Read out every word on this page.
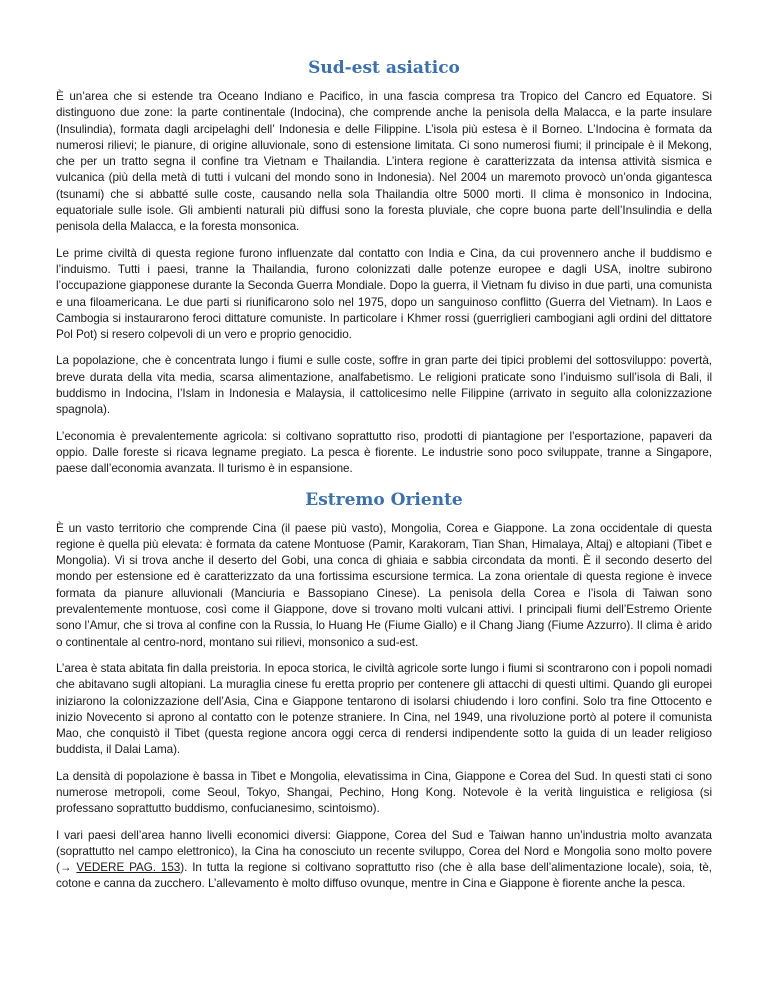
Sud-est asiatico

È un’area che si estende tra Oceano Indiano e Pacifico, in una fascia compresa tra Tropico del Cancro ed Equatore. Si distinguono due zone: la parte continentale (Indocina), che comprende anche la penisola della Malacca, e la parte insulare (Insulindia), formata dagli arcipelaghi dell’ Indonesia e delle Filippine. L’isola più estesa è il Borneo. L’Indocina è formata da numerosi rilievi; le pianure, di origine alluvionale, sono di estensione limitata. Ci sono numerosi fiumi; il principale è il Mekong, che per un tratto segna il confine tra Vietnam e Thailandia. L’intera regione è caratterizzata da intensa attività sismica e vulcanica (più della metà di tutti i vulcani del mondo sono in Indonesia). Nel 2004 un maremoto provocò un’onda gigantesca (tsunami) che si abbatté sulle coste, causando nella sola Thailandia oltre 5000 morti. Il clima è monsonico in Indocina, equatoriale sulle isole. Gli ambienti naturali più diffusi sono la foresta pluviale, che copre buona parte dell’Insulindia e della penisola della Malacca, e la foresta monsonica.

Le prime civiltà di questa regione furono influenzate dal contatto con India e Cina, da cui provennero anche il buddismo e l’induismo. Tutti i paesi, tranne la Thailandia, furono colonizzati dalle potenze europee e dagli USA, inoltre subirono l’occupazione giapponese durante la Seconda Guerra Mondiale. Dopo la guerra, il Vietnam fu diviso in due parti, una comunista e una filoamericana. Le due parti si riunificarono solo nel 1975, dopo un sanguinoso conflitto (Guerra del Vietnam). In Laos e Cambogia si instaurarono feroci dittature comuniste. In particolare i Khmer rossi (guerriglieri cambogiani agli ordini del dittatore Pol Pot) si resero colpevoli di un vero e proprio genocidio.

La popolazione, che è concentrata lungo i fiumi e sulle coste, soffre in gran parte dei tipici problemi del sottosviluppo: povertà, breve durata della vita media, scarsa alimentazione, analfabetismo. Le religioni praticate sono l’induismo sull’isola di Bali, il buddismo in Indocina, l’Islam in Indonesia e Malaysia, il cattolicesimo nelle Filippine (arrivato in seguito alla colonizzazione spagnola).

L’economia è prevalentemente agricola: si coltivano soprattutto riso, prodotti di piantagione per l’esportazione, papaveri da oppio. Dalle foreste si ricava legname pregiato. La pesca è fiorente. Le industrie sono poco sviluppate, tranne a Singapore, paese dall’economia avanzata. Il turismo è in espansione.

Estremo Oriente

È un vasto territorio che comprende Cina (il paese più vasto), Mongolia, Corea e Giappone. La zona occidentale di questa regione è quella più elevata: è formata da catene Montuose (Pamir, Karakoram, Tian Shan, Himalaya, Altaj) e altopiani (Tibet e Mongolia). Vi si trova anche il deserto del Gobi, una conca di ghiaia e sabbia circondata da monti. È il secondo deserto del mondo per estensione ed è caratterizzato da una fortissima escursione termica. La zona orientale di questa regione è invece formata da pianure alluvionali (Manciuria e Bassopiano Cinese). La penisola della Corea e l’isola di Taiwan sono prevalentemente montuose, così come il Giappone, dove si trovano molti vulcani attivi. I principali fiumi dell’Estremo Oriente sono l’Amur, che si trova al confine con la Russia, lo Huang He (Fiume Giallo) e il Chang Jiang (Fiume Azzurro). Il clima è arido o continentale al centro-nord, montano sui rilievi, monsonico a sud-est.

L’area è stata abitata fin dalla preistoria. In epoca storica, le civiltà agricole sorte lungo i fiumi si scontrarono con i popoli nomadi che abitavano sugli altopiani. La muraglia cinese fu eretta proprio per contenere gli attacchi di questi ultimi. Quando gli europei iniziarono la colonizzazione dell’Asia, Cina e Giappone tentarono di isolarsi chiudendo i loro confini. Solo tra fine Ottocento e inizio Novecento si aprono al contatto con le potenze straniere. In Cina, nel 1949, una rivoluzione portò al potere il comunista Mao, che conquistò il Tibet (questa regione ancora oggi cerca di rendersi indipendente sotto la guida di un leader religioso buddista, il Dalai Lama).

La densità di popolazione è bassa in Tibet e Mongolia, elevatissima in Cina, Giappone e Corea del Sud. In questi stati ci sono numerose metropoli, come Seoul, Tokyo, Shangai, Pechino, Hong Kong. Notevole è la verità linguistica e religiosa (si professano soprattutto buddismo, confucianesimo, scintoismo).

I vari paesi dell’area hanno livelli economici diversi: Giappone, Corea del Sud e Taiwan hanno un’industria molto avanzata (soprattutto nel campo elettronico), la Cina ha conosciuto un recente sviluppo, Corea del Nord e Mongolia sono molto povere (→ VEDERE PAG. 153). In tutta la regione si coltivano soprattutto riso (che è alla base dell’alimentazione locale), soia, tè, cotone e canna da zucchero. L’allevamento è molto diffuso ovunque, mentre in Cina e Giappone è fiorente anche la pesca.
